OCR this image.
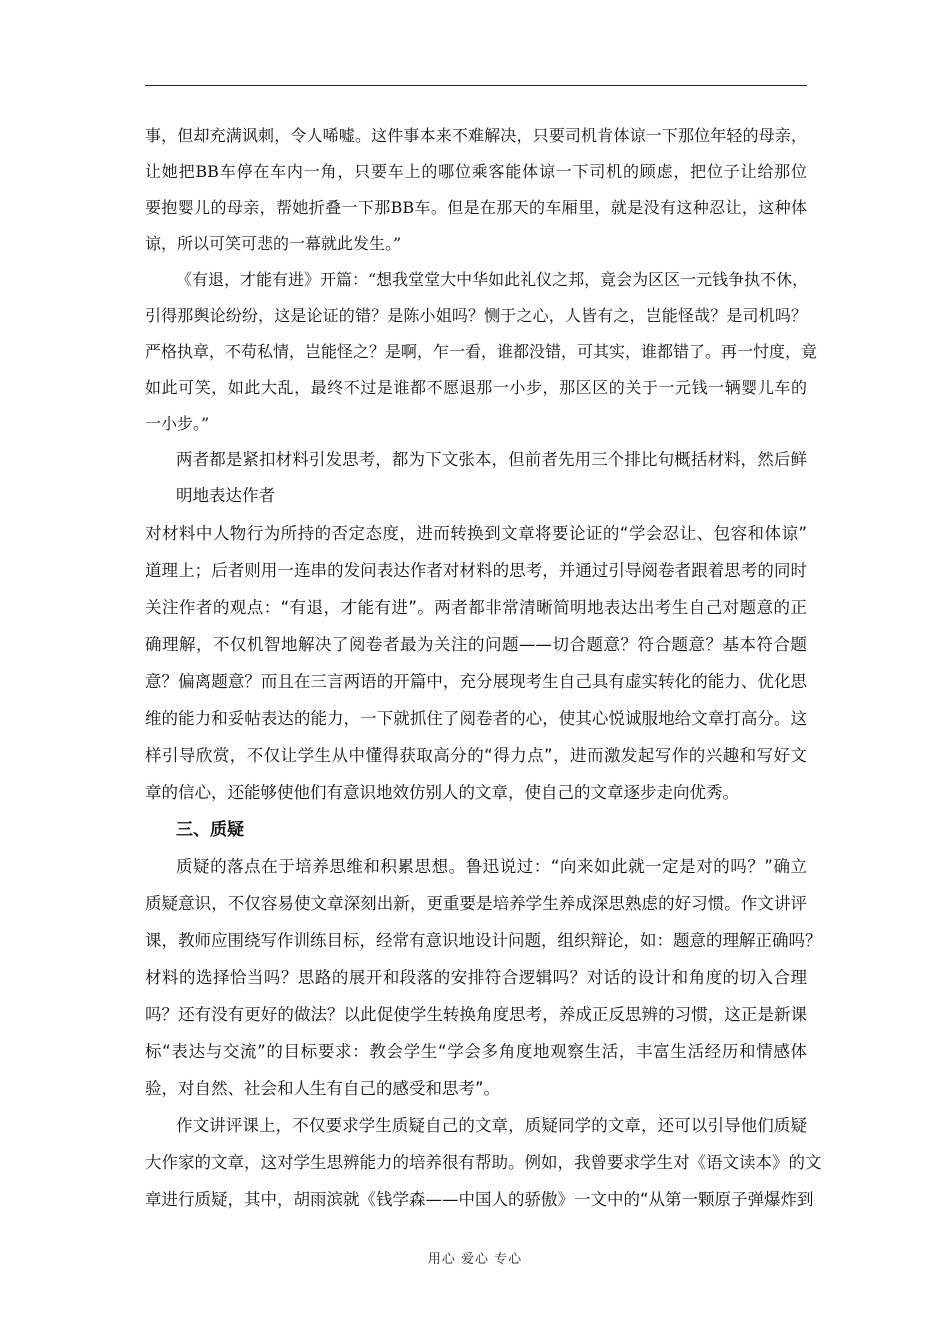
事，但却充满讽刺，令人唏嘘。这件事本来不难解决，只要司机肯体谅一下那位年轻的母亲，
让她把BB车停在车内一角，只要车上的哪位乘客能体谅一下司机的顾虑，把位子让给那位
要抱婴儿的母亲，帮她折叠一下那BB车。但是在那天的车厢里，就是没有这种忍让，这种体
谅，所以可笑可悲的一幕就此发生。”
《有退，才能有进》开篇：“想我堂堂大中华如此礼仪之邦，竟会为区区一元钱争执不休，
引得那舆论纷纷，这是论证的错？是陈小姐吗？恻于之心，人皆有之，岂能怪哉？是司机吗？
严格执章，不苟私情，岂能怪之？是啊，乍一看，谁都没错，可其实，谁都错了。再一忖度，竟
如此可笑，如此大乱，最终不过是谁都不愿退那一小步，那区区的关于一元钱一辆婴儿车的
一小步。”
两者都是紧扣材料引发思考，都为下文张本，但前者先用三个排比句概括材料，然后鲜
明地表达作者
对材料中人物行为所持的否定态度，进而转换到文章将要论证的“学会忍让、包容和体谅”
道理上；后者则用一连串的发问表达作者对材料的思考，并通过引导阅卷者跟着思考的同时
关注作者的观点：“有退，才能有进”。两者都非常清晰简明地表达出考生自己对题意的正
确理解，不仅机智地解决了阅卷者最为关注的问题——切合题意？符合题意？基本符合题
意？偏离题意？而且在三言两语的开篇中，充分展现考生自己具有虚实转化的能力、优化思
维的能力和妥帖表达的能力，一下就抓住了阅卷者的心，使其心悦诚服地给文章打高分。这
样引导欣赏，不仅让学生从中懂得获取高分的“得力点”，进而激发起写作的兴趣和写好文
章的信心，还能够使他们有意识地效仿别人的文章，使自己的文章逐步走向优秀。
三、质疑
质疑的落点在于培养思维和积累思想。鲁迅说过：“向来如此就一定是对的吗？”确立
质疑意识，不仅容易使文章深刻出新，更重要是培养学生养成深思熟虑的好习惯。作文讲评
课，教师应围绕写作训练目标，经常有意识地设计问题，组织辩论，如：题意的理解正确吗？
材料的选择恰当吗？思路的展开和段落的安排符合逻辑吗？对话的设计和角度的切入合理
吗？还有没有更好的做法？以此促使学生转换角度思考，养成正反思辨的习惯，这正是新课
标“表达与交流”的目标要求：教会学生“学会多角度地观察生活，丰富生活经历和情感体
验，对自然、社会和人生有自己的感受和思考”。
作文讲评课上，不仅要求学生质疑自己的文章，质疑同学的文章，还可以引导他们质疑
大作家的文章，这对学生思辨能力的培养很有帮助。例如，我曾要求学生对《语文读本》的文
章进行质疑，其中，胡雨滨就《钱学森——中国人的骄傲》一文中的“从第一颗原子弹爆炸到
用心 爱心 专心
